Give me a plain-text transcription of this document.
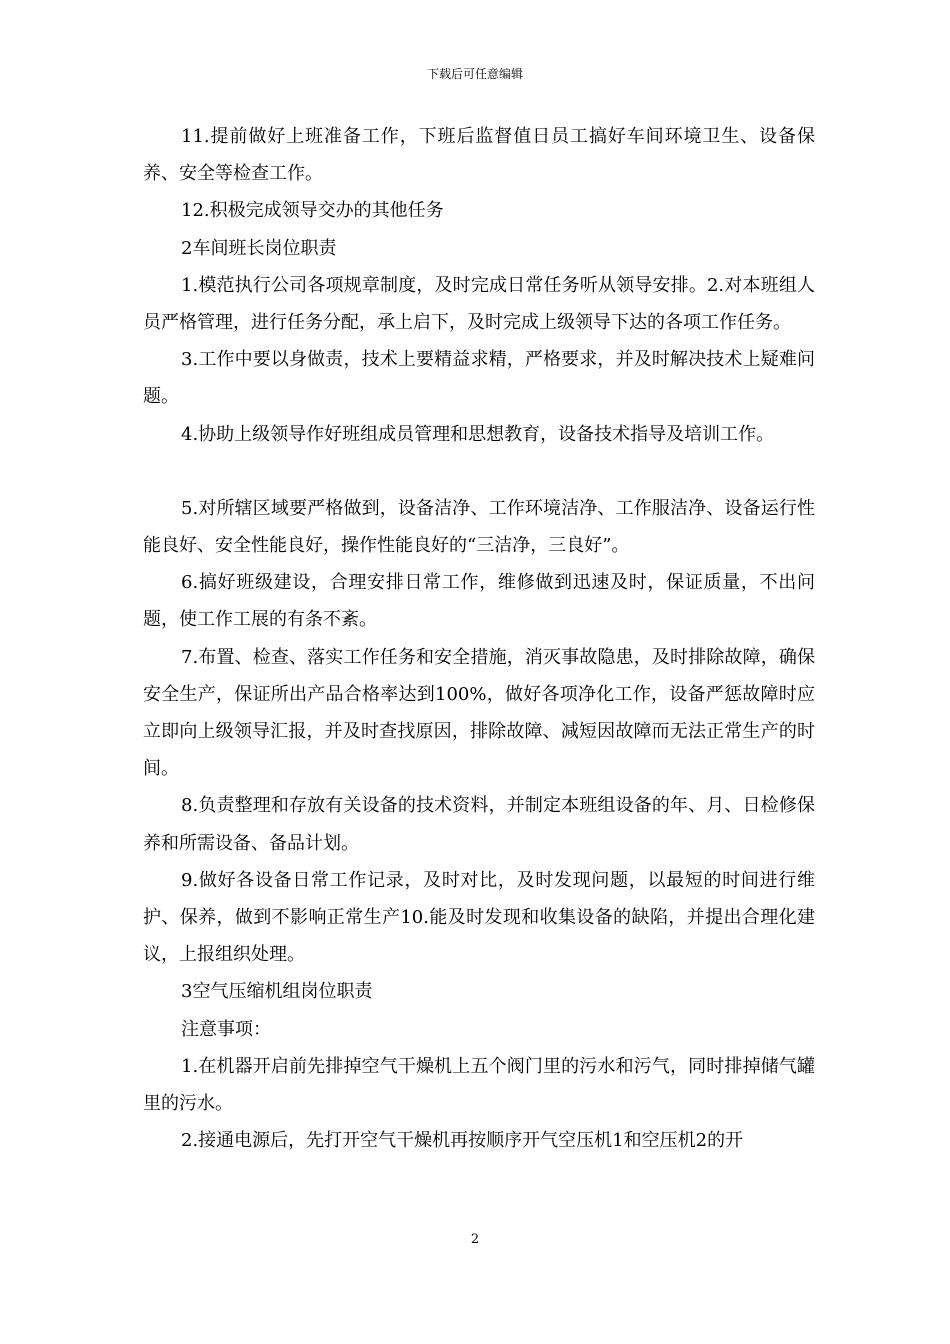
下载后可任意编辑

11.提前做好上班准备工作，下班后监督值日员工搞好车间环境卫生、设备保养、安全等检查工作。

12.积极完成领导交办的其他任务

2车间班长岗位职责

1.模范执行公司各项规章制度，及时完成日常任务听从领导安排。2.对本班组人员严格管理，进行任务分配，承上启下，及时完成上级领导下达的各项工作任务。

3.工作中要以身做责，技术上要精益求精，严格要求，并及时解决技术上疑难问题。

4.协助上级领导作好班组成员管理和思想教育，设备技术指导及培训工作。

5.对所辖区域要严格做到，设备洁净、工作环境洁净、工作服洁净、设备运行性能良好、安全性能良好，操作性能良好的“三洁净，三良好”。

6.搞好班级建设，合理安排日常工作，维修做到迅速及时，保证质量，不出问题，使工作工展的有条不紊。

7.布置、检查、落实工作任务和安全措施，消灭事故隐患，及时排除故障，确保安全生产，保证所出产品合格率达到100%，做好各项净化工作，设备严惩故障时应立即向上级领导汇报，并及时查找原因，排除故障、减短因故障而无法正常生产的时间。

8.负责整理和存放有关设备的技术资料，并制定本班组设备的年、月、日检修保养和所需设备、备品计划。

9.做好各设备日常工作记录，及时对比，及时发现问题，以最短的时间进行维护、保养，做到不影响正常生产10.能及时发现和收集设备的缺陷，并提出合理化建议，上报组织处理。

3空气压缩机组岗位职责

注意事项：

1.在机器开启前先排掉空气干燥机上五个阀门里的污水和污气，同时排掉储气罐里的污水。

2.接通电源后，先打开空气干燥机再按顺序开气空压机1和空压机2的开

2
